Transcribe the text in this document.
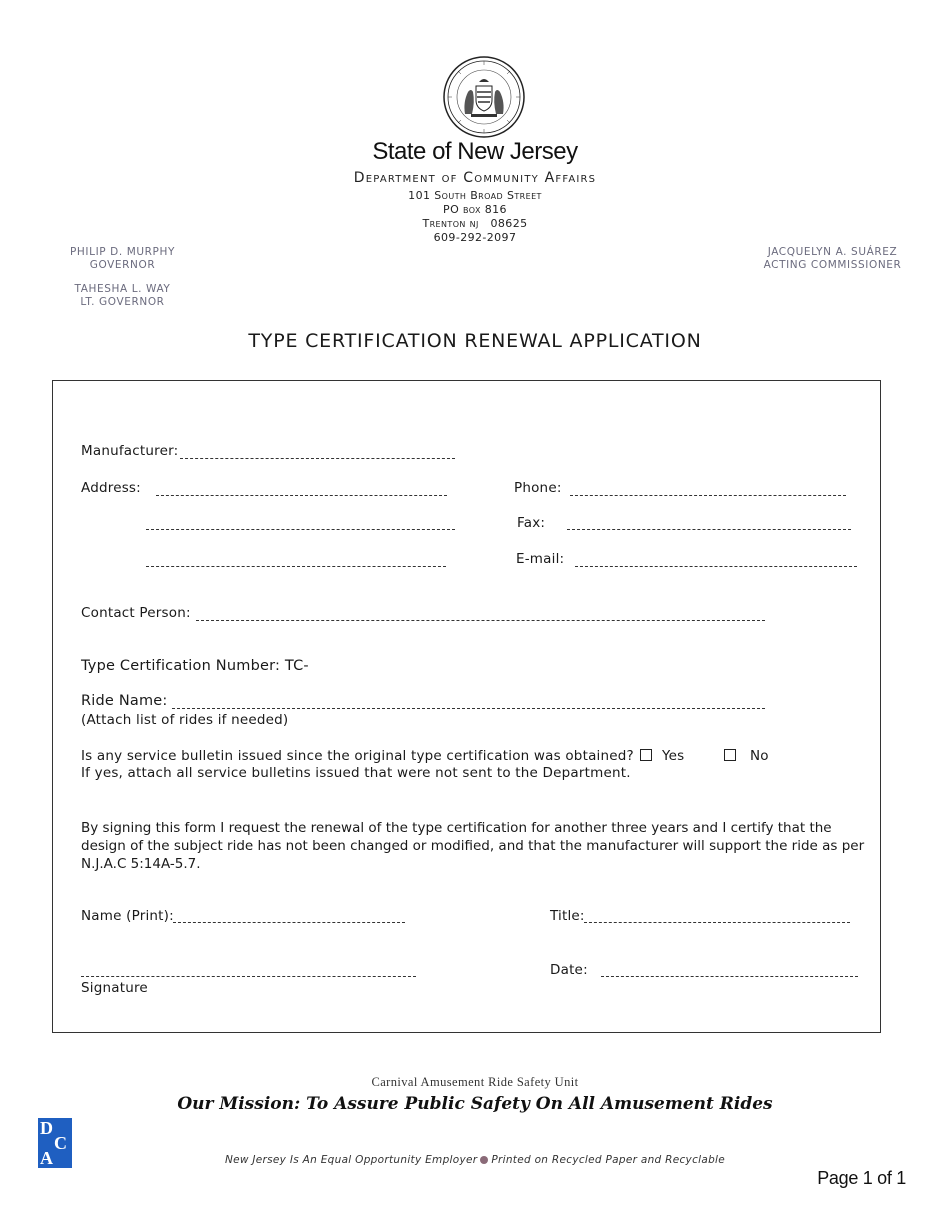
State of New Jersey
Department of Community Affairs
101 South Broad Street
PO box 816
Trenton nj   08625
609-292-2097
PHILIP D. MURPHY
GOVERNOR
TAHESHA L. WAY
LT. GOVERNOR
JACQUELYN A. SUÁREZ
ACTING COMMISSIONER
TYPE CERTIFICATION RENEWAL APPLICATION
Manufacturer:
Address:	Phone:
Fax:
E-mail:
Contact Person:
Type Certification Number: TC-
Ride Name:
(Attach list of rides if needed)
Is any service bulletin issued since the original type certification was obtained?
If yes, attach all service bulletins issued that were not sent to the Department.
Yes	No
By signing this form I request the renewal of the type certification for another three years and I certify that the design of the subject ride has not been changed or modified, and that the manufacturer will support the ride as per N.J.A.C 5:14A-5.7.
Name (Print):	Title:
Signature
Date:
Carnival Amusement Ride Safety Unit
Our Mission: To Assure Public Safety On All Amusement Rides
D
C
A	New Jersey Is An Equal Opportunity Employer Printed on Recycled Paper and Recyclable
Page 1 of 1
